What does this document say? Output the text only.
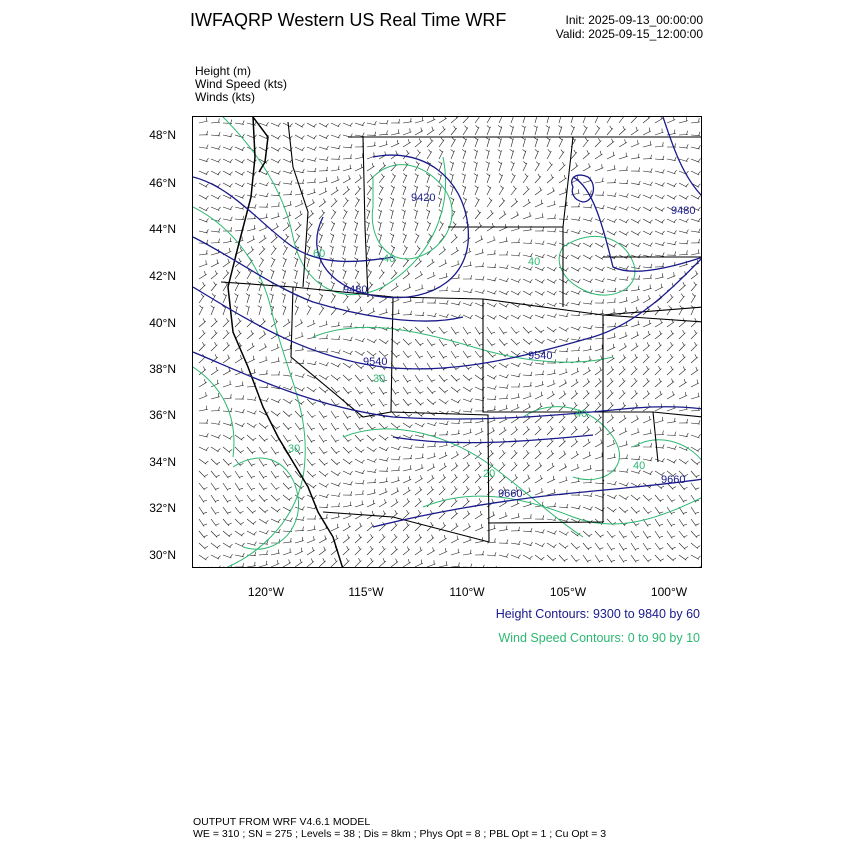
IWFAQRP Western US Real Time WRF	Init: 2025-09-13_00:00:00
Valid: 2025-09-15_12:00:00
Height (m)
Wind Speed (kts)
Winds (kts)
48°N
46°N
44°N
42°N
40°N
38°N
36°N
34°N
32°N
30°N
120°W	115°W	110°W	105°W	100°W
9420
9480
9480
9540	9540
9660
9660
60	40
30
30
20
40
40
40
Height Contours: 9300 to 9840 by 60
Wind Speed Contours: 0 to 90 by 10
OUTPUT FROM WRF V4.6.1 MODEL
WE = 310 ; SN = 275 ; Levels = 38 ; Dis = 8km ; Phys Opt = 8 ; PBL Opt = 1 ; Cu Opt = 3
